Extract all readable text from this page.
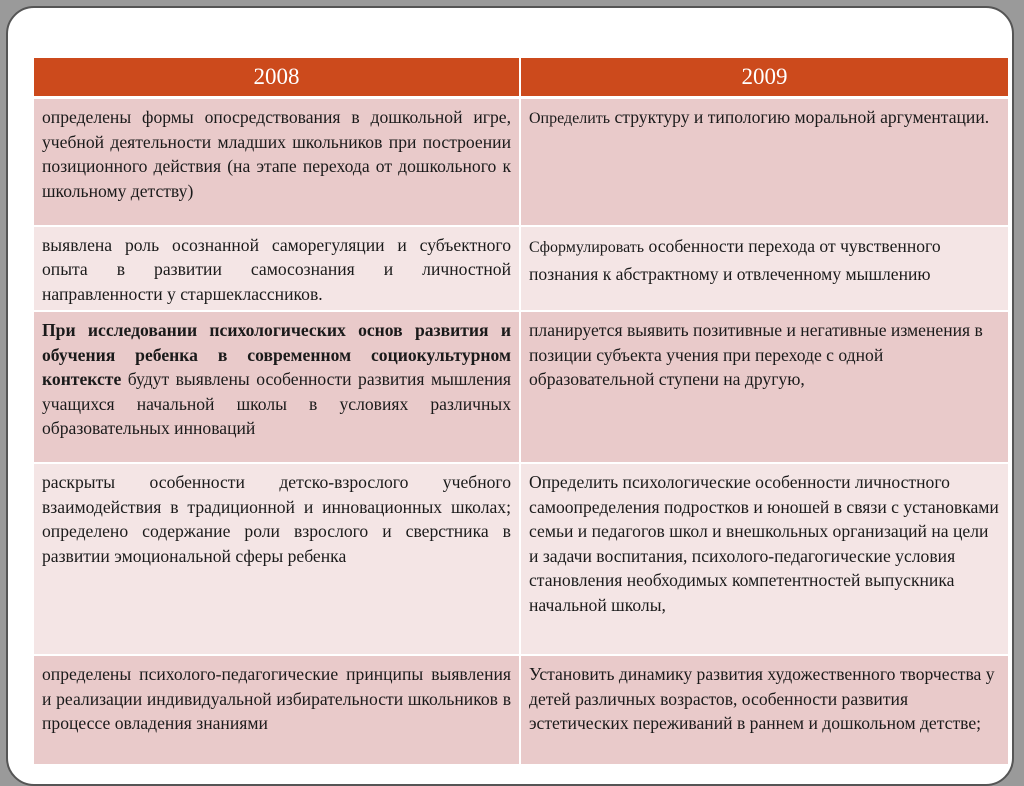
2008	2009
определены формы опосредствования в дошкольной игре, учебной деятельности младших школьников при построении позиционного действия (на этапе перехода от дошкольного к школьному детству)	Определить структуру и типологию моральной аргументации.
выявлена роль осознанной саморегуляции и субъектного опыта в развитии самосознания и личностной направленности у старшеклассников.	Сформулировать особенности перехода от чувственного познания к абстрактному и отвлеченному мышлению
При исследовании психологических основ развития и обучения ребенка в современном социокультурном контексте будут выявлены особенности развития мышления учащихся начальной школы в условиях различных образовательных инноваций	планируется выявить позитивные и негативные изменения в позиции субъекта учения при переходе с одной образовательной ступени на другую,
раскрыты особенности детско-взрослого учебного взаимодействия в традиционной и инновационных школах; определено содержание роли взрослого и сверстника в развитии эмоциональной сферы ребенка	Определить психологические особенности личностного самоопределения подростков и юношей в связи с установками семьи и педагогов школ и внешкольных организаций на цели и задачи воспитания, психолого-педагогические условия становления необходимых компетентностей выпускника начальной школы,
определены психолого-педагогические принципы выявления и реализации индивидуальной избирательности школьников в процессе овладения знаниями	Установить динамику развития художественного творчества у детей различных возрастов, особенности развития эстетических переживаний в раннем и дошкольном детстве;
